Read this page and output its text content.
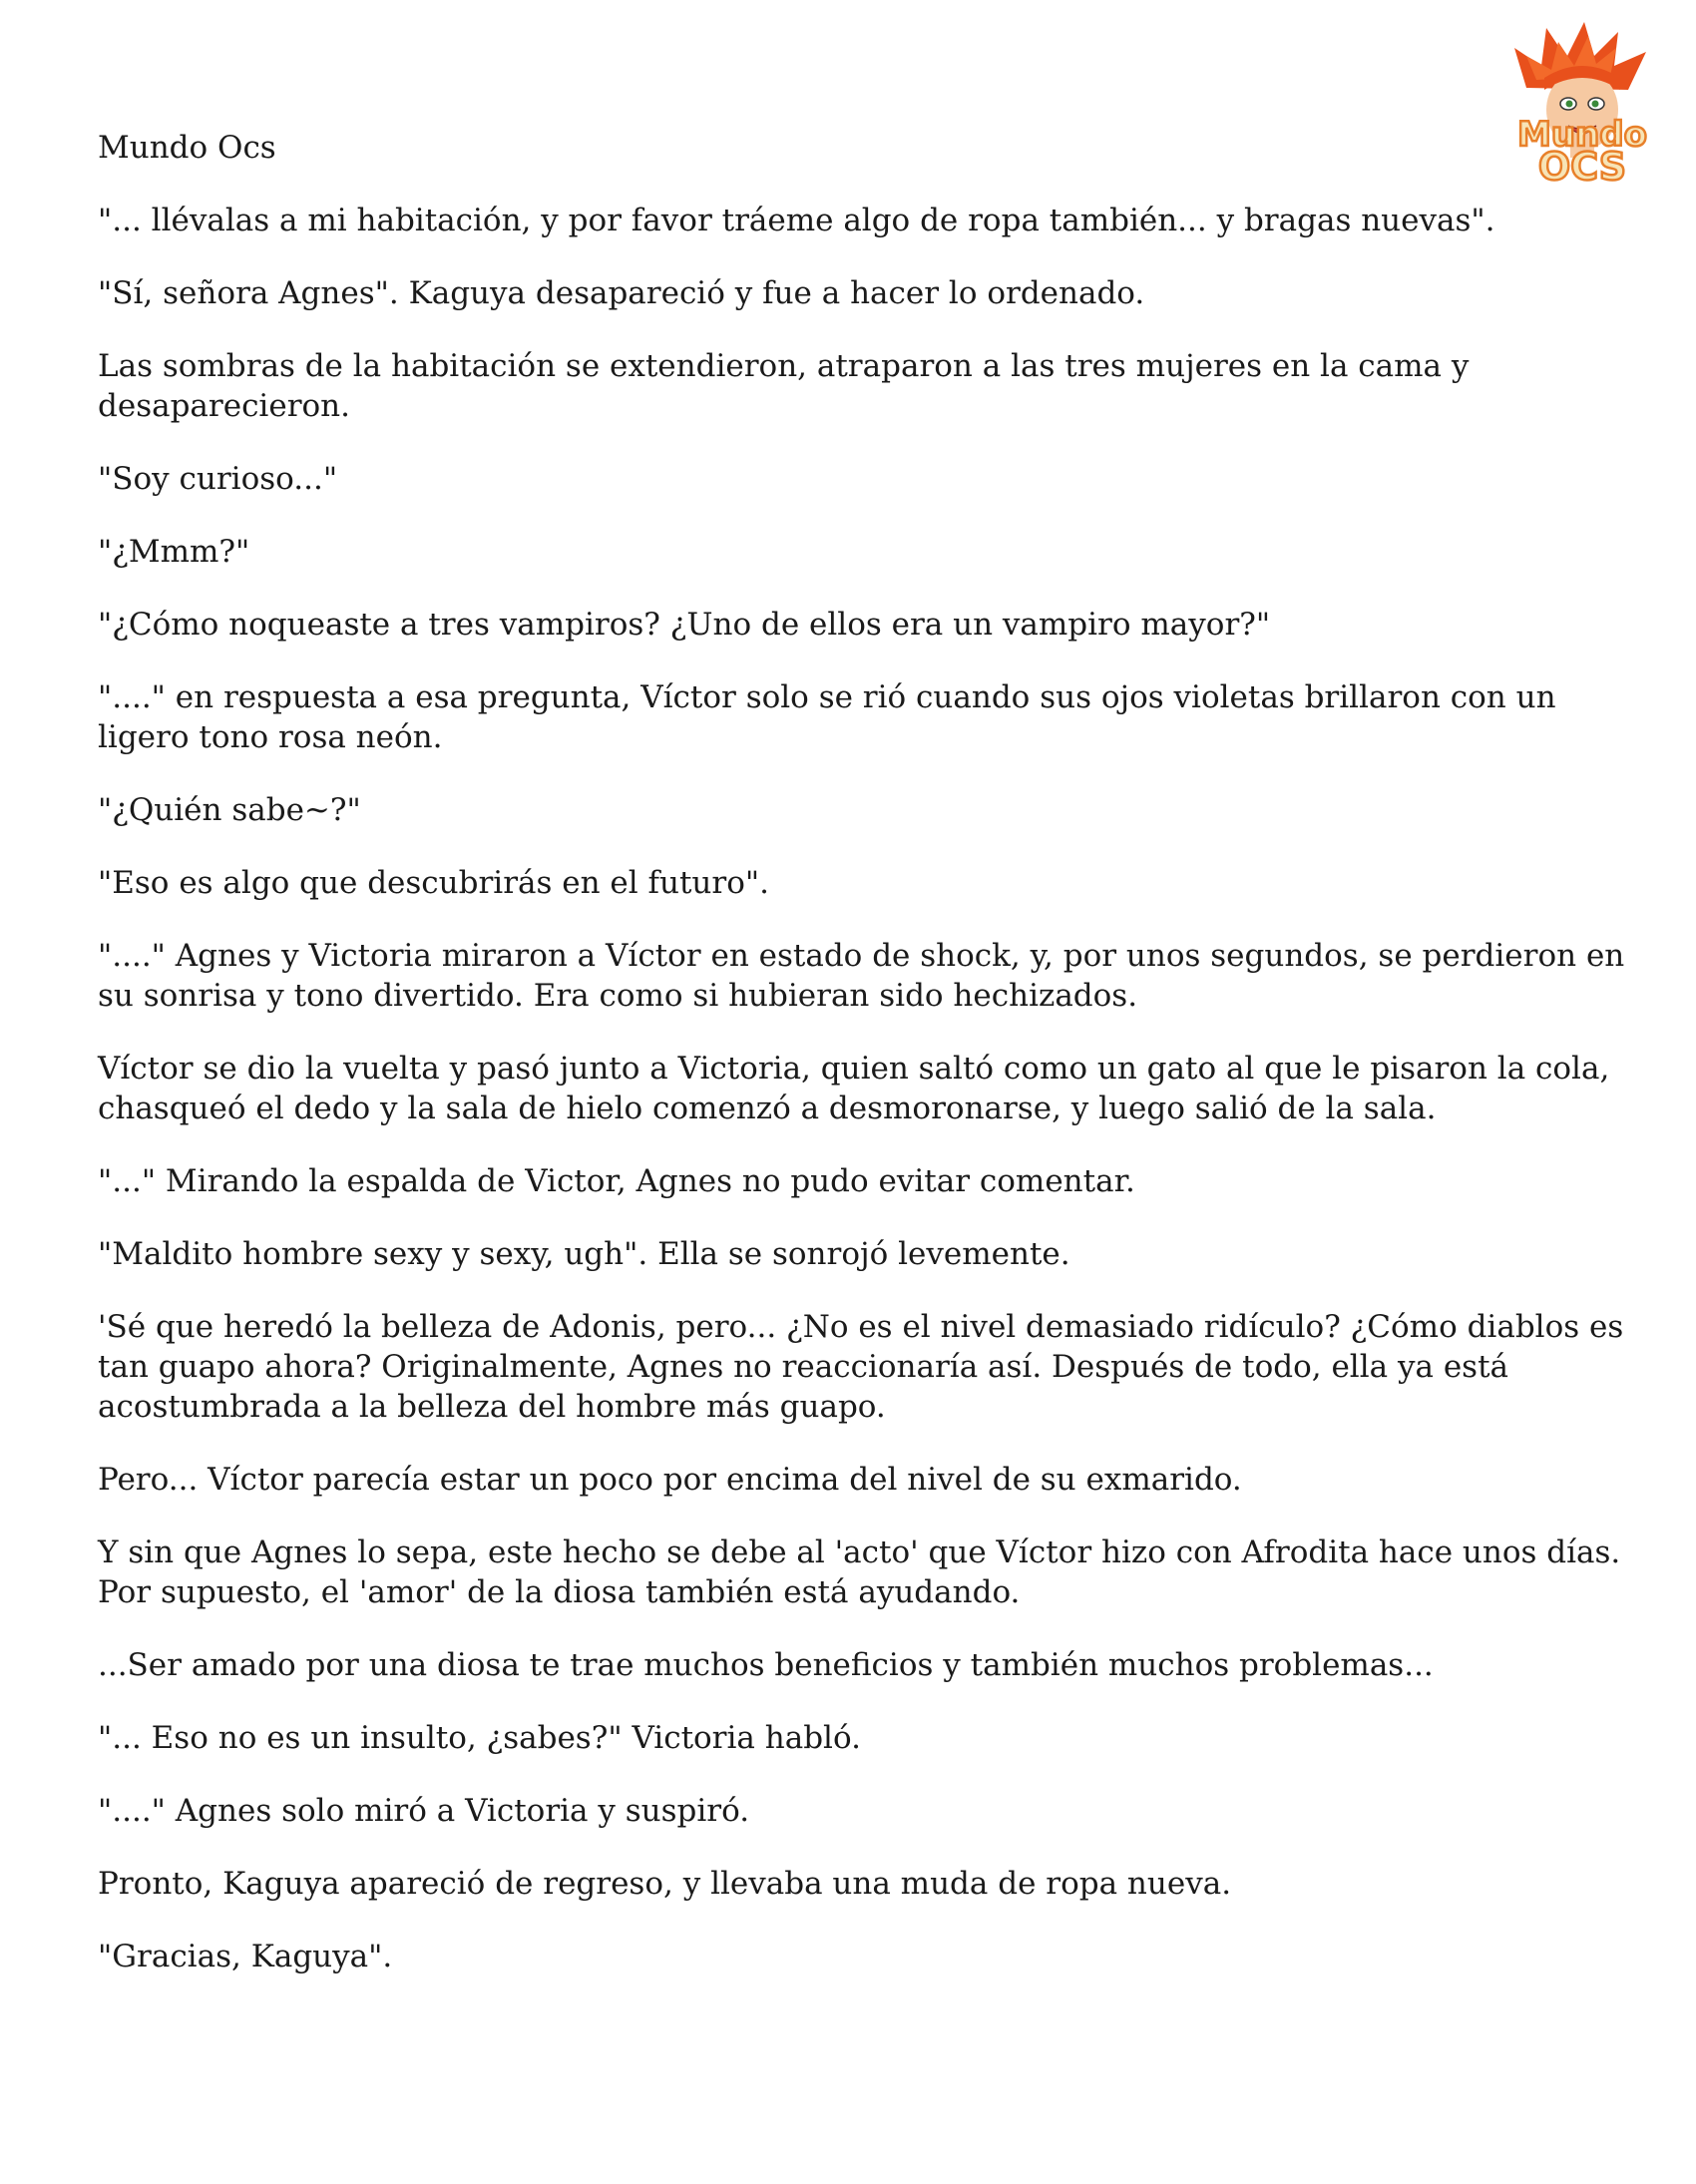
Mundo
OCS

Mundo Ocs

"... llévalas a mi habitación, y por favor tráeme algo de ropa también... y bragas nuevas".

"Sí, señora Agnes". Kaguya desapareció y fue a hacer lo ordenado.

Las sombras de la habitación se extendieron, atraparon a las tres mujeres en la cama y desaparecieron.

"Soy curioso..."

"¿Mmm?"

"¿Cómo noqueaste a tres vampiros? ¿Uno de ellos era un vampiro mayor?"

"...." en respuesta a esa pregunta, Víctor solo se rió cuando sus ojos violetas brillaron con un ligero tono rosa neón.

"¿Quién sabe~?"

"Eso es algo que descubrirás en el futuro".

"...." Agnes y Victoria miraron a Víctor en estado de shock, y, por unos segundos, se perdieron en su sonrisa y tono divertido. Era como si hubieran sido hechizados.

Víctor se dio la vuelta y pasó junto a Victoria, quien saltó como un gato al que le pisaron la cola, chasqueó el dedo y la sala de hielo comenzó a desmoronarse, y luego salió de la sala.

"..." Mirando la espalda de Victor, Agnes no pudo evitar comentar.

"Maldito hombre sexy y sexy, ugh". Ella se sonrojó levemente.

'Sé que heredó la belleza de Adonis, pero... ¿No es el nivel demasiado ridículo? ¿Cómo diablos es tan guapo ahora? Originalmente, Agnes no reaccionaría así. Después de todo, ella ya está acostumbrada a la belleza del hombre más guapo.

Pero... Víctor parecía estar un poco por encima del nivel de su exmarido.

Y sin que Agnes lo sepa, este hecho se debe al 'acto' que Víctor hizo con Afrodita hace unos días. Por supuesto, el 'amor' de la diosa también está ayudando.

...Ser amado por una diosa te trae muchos beneficios y también muchos problemas...

"... Eso no es un insulto, ¿sabes?" Victoria habló.

"...." Agnes solo miró a Victoria y suspiró.

Pronto, Kaguya apareció de regreso, y llevaba una muda de ropa nueva.

"Gracias, Kaguya".
